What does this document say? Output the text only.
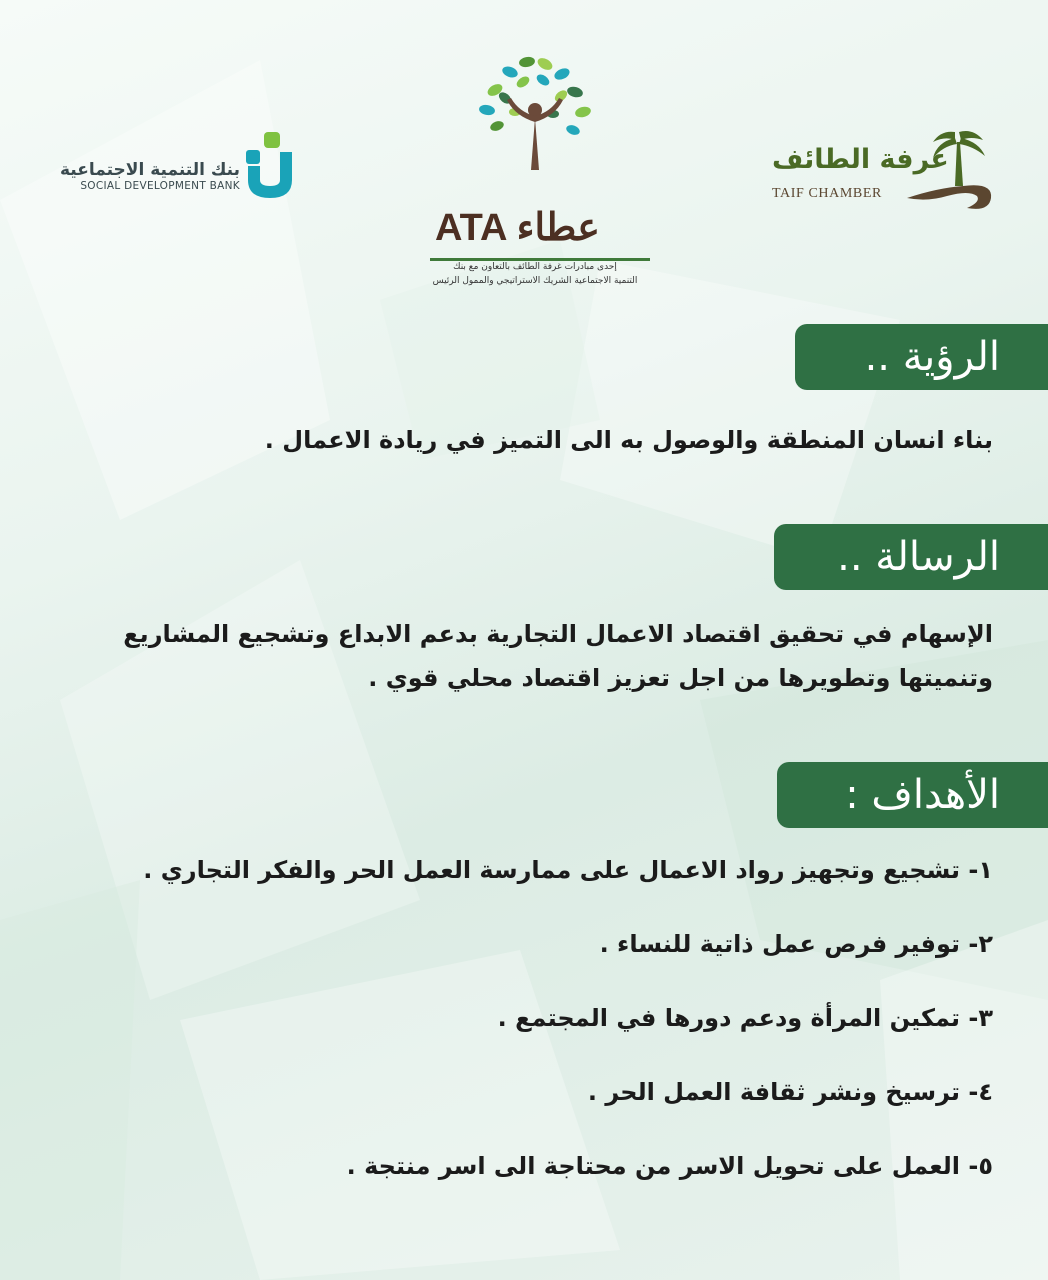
بنك التنمية الاجتماعية
SOCIAL DEVELOPMENT BANK
ATA عطاء
إحدى مبادرات غرفة الطائف بالتعاون مع بنك
التنمية الاجتماعية الشريك الاستراتيجي والممول الرئيس
غرفة الطائف
TAIF CHAMBER
الرؤية ..
بناء انسان المنطقة والوصول به الى التميز في ريادة الاعمال .
الرسالة ..
الإسهام في تحقيق اقتصاد الاعمال التجارية بدعم الابداع وتشجيع المشاريع
وتنميتها وتطويرها من اجل تعزيز اقتصاد محلي قوي .
الأهداف :
١- تشجيع وتجهيز رواد الاعمال على ممارسة العمل الحر والفكر التجاري .
٢- توفير فرص عمل ذاتية للنساء .
٣- تمكين المرأة ودعم دورها في المجتمع .
٤- ترسيخ ونشر ثقافة العمل الحر .
٥- العمل على تحويل الاسر من محتاجة الى اسر منتجة .
